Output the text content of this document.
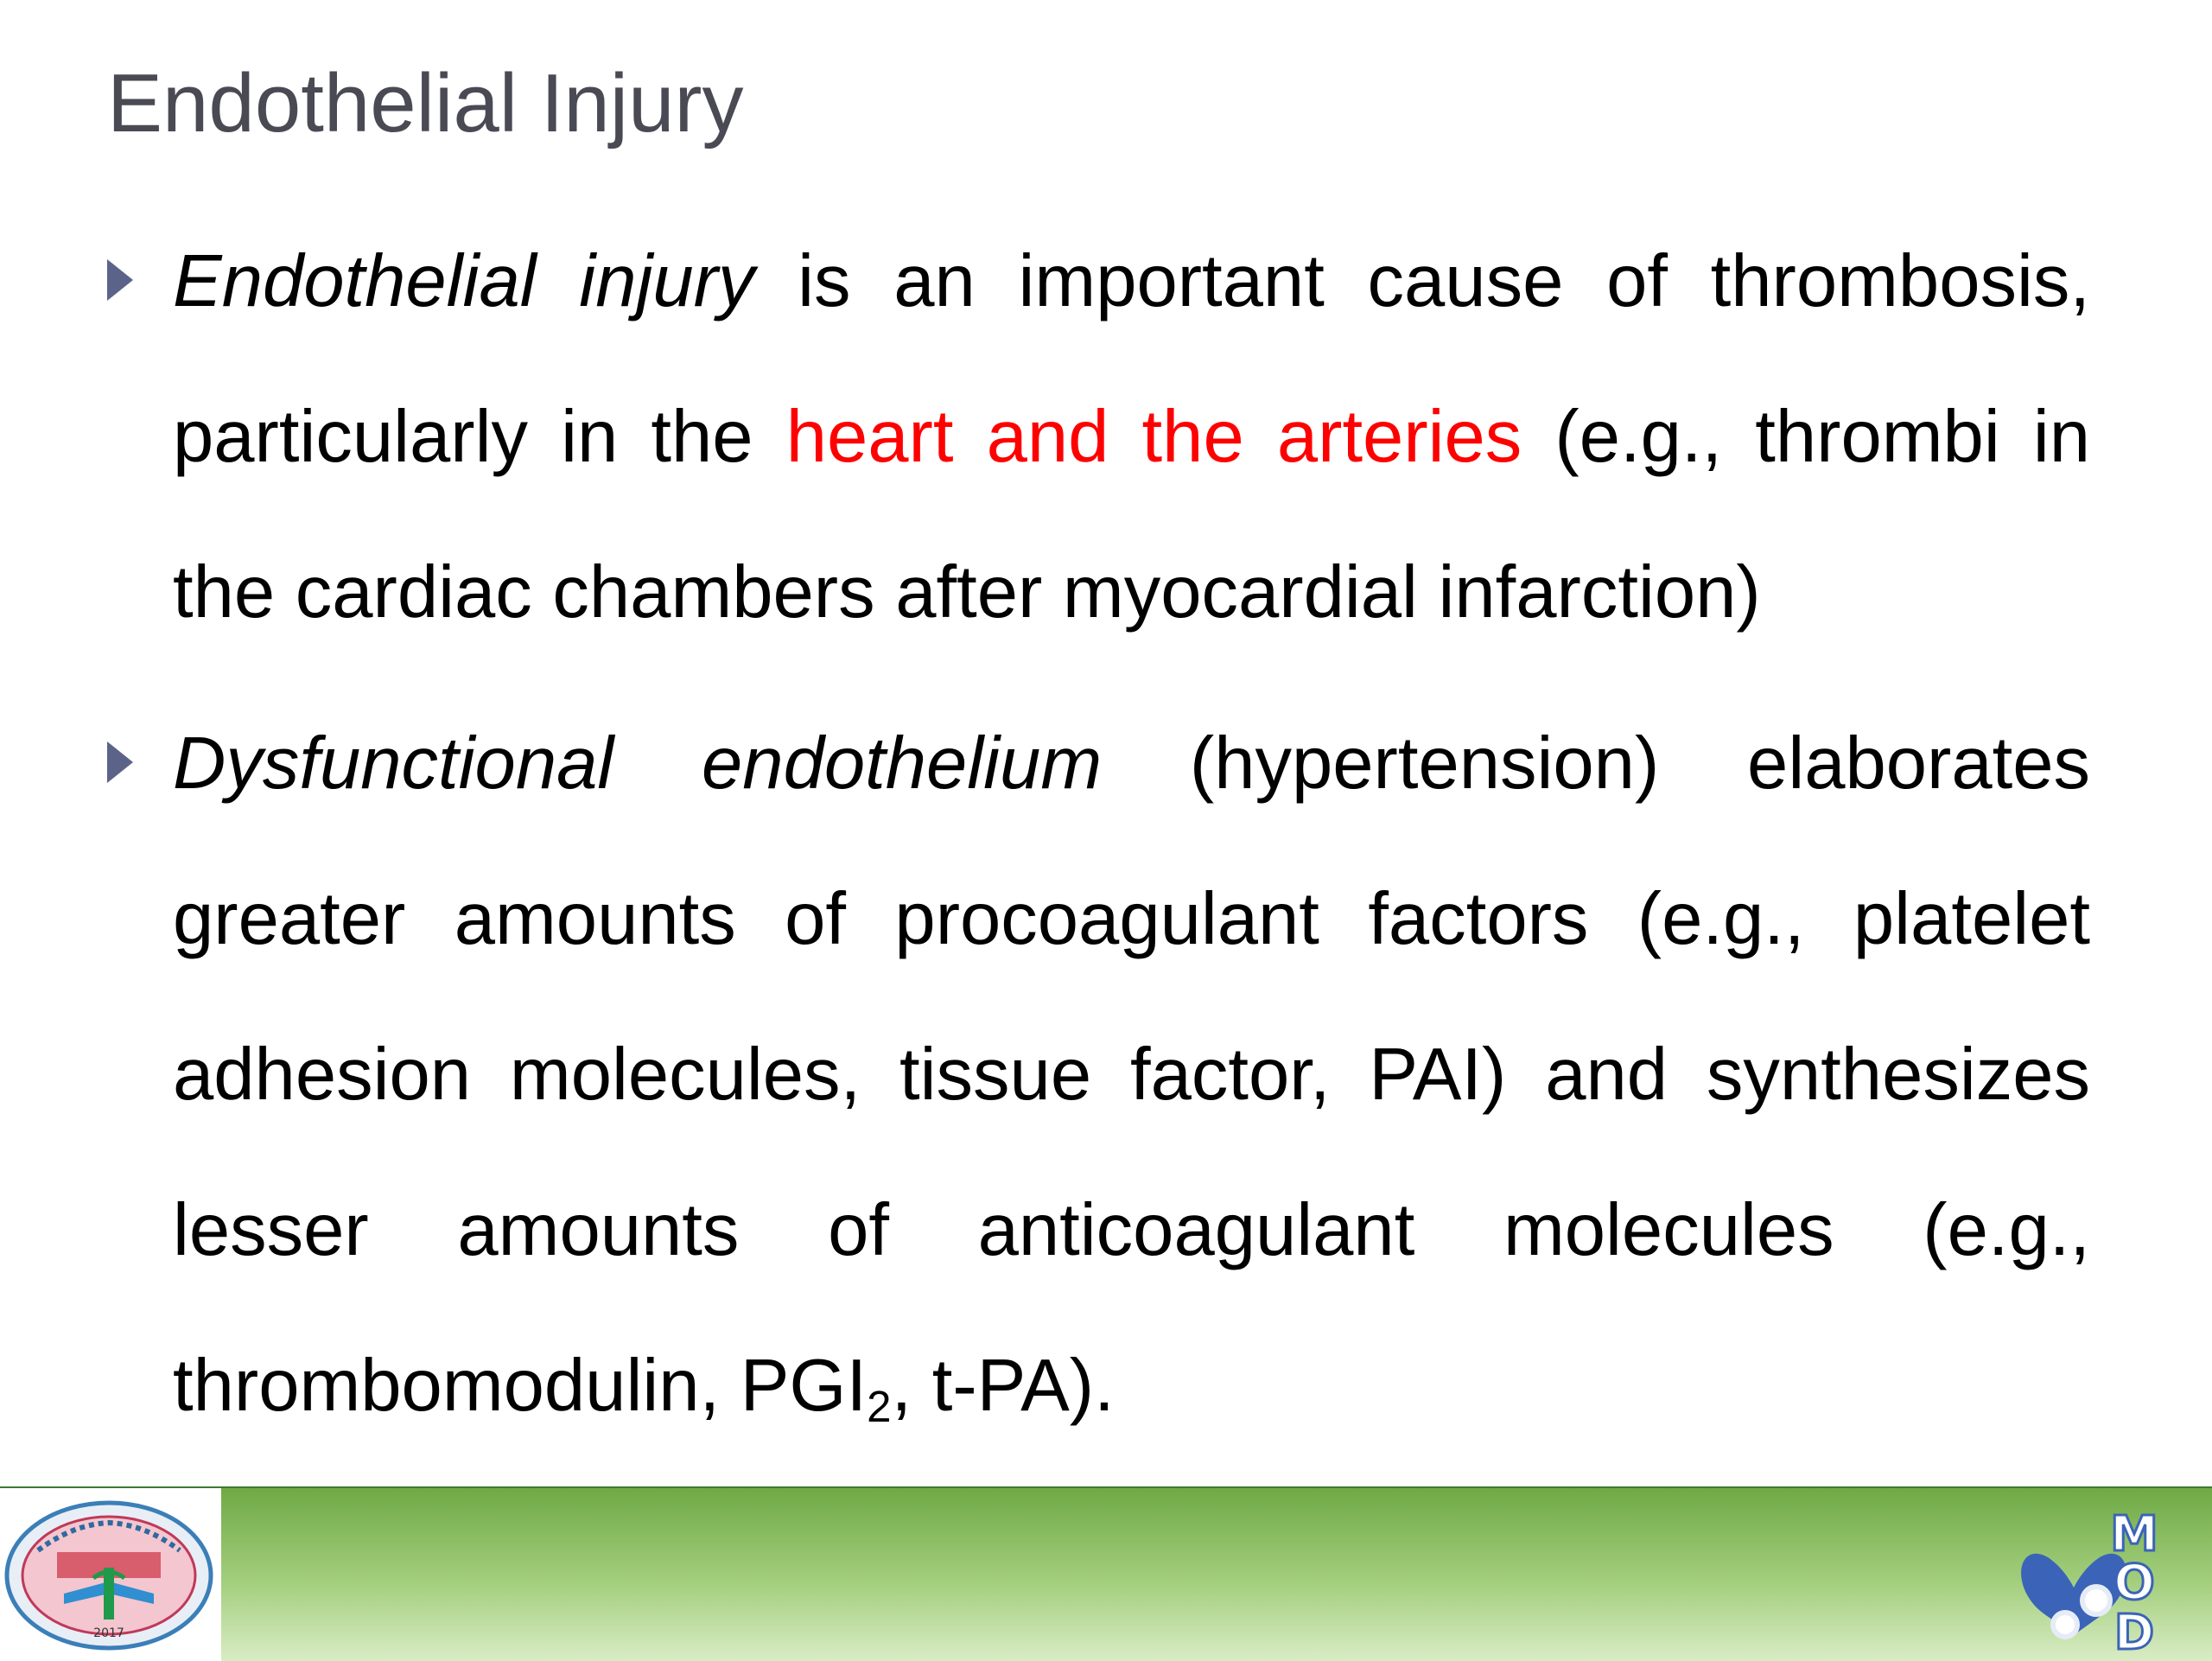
Endothelial Injury

Endothelial injury is an important cause of thrombosis, particularly in the heart and the arteries (e.g., thrombi in the cardiac chambers after myocardial infarction)

Dysfunctional endothelium (hypertension) elaborates greater amounts of procoagulant factors (e.g., platelet adhesion molecules, tissue factor, PAI) and synthesizes lesser amounts of anticoagulant molecules (e.g., thrombomodulin, $PGI_2$, t-PA).

2017
M
O
D
